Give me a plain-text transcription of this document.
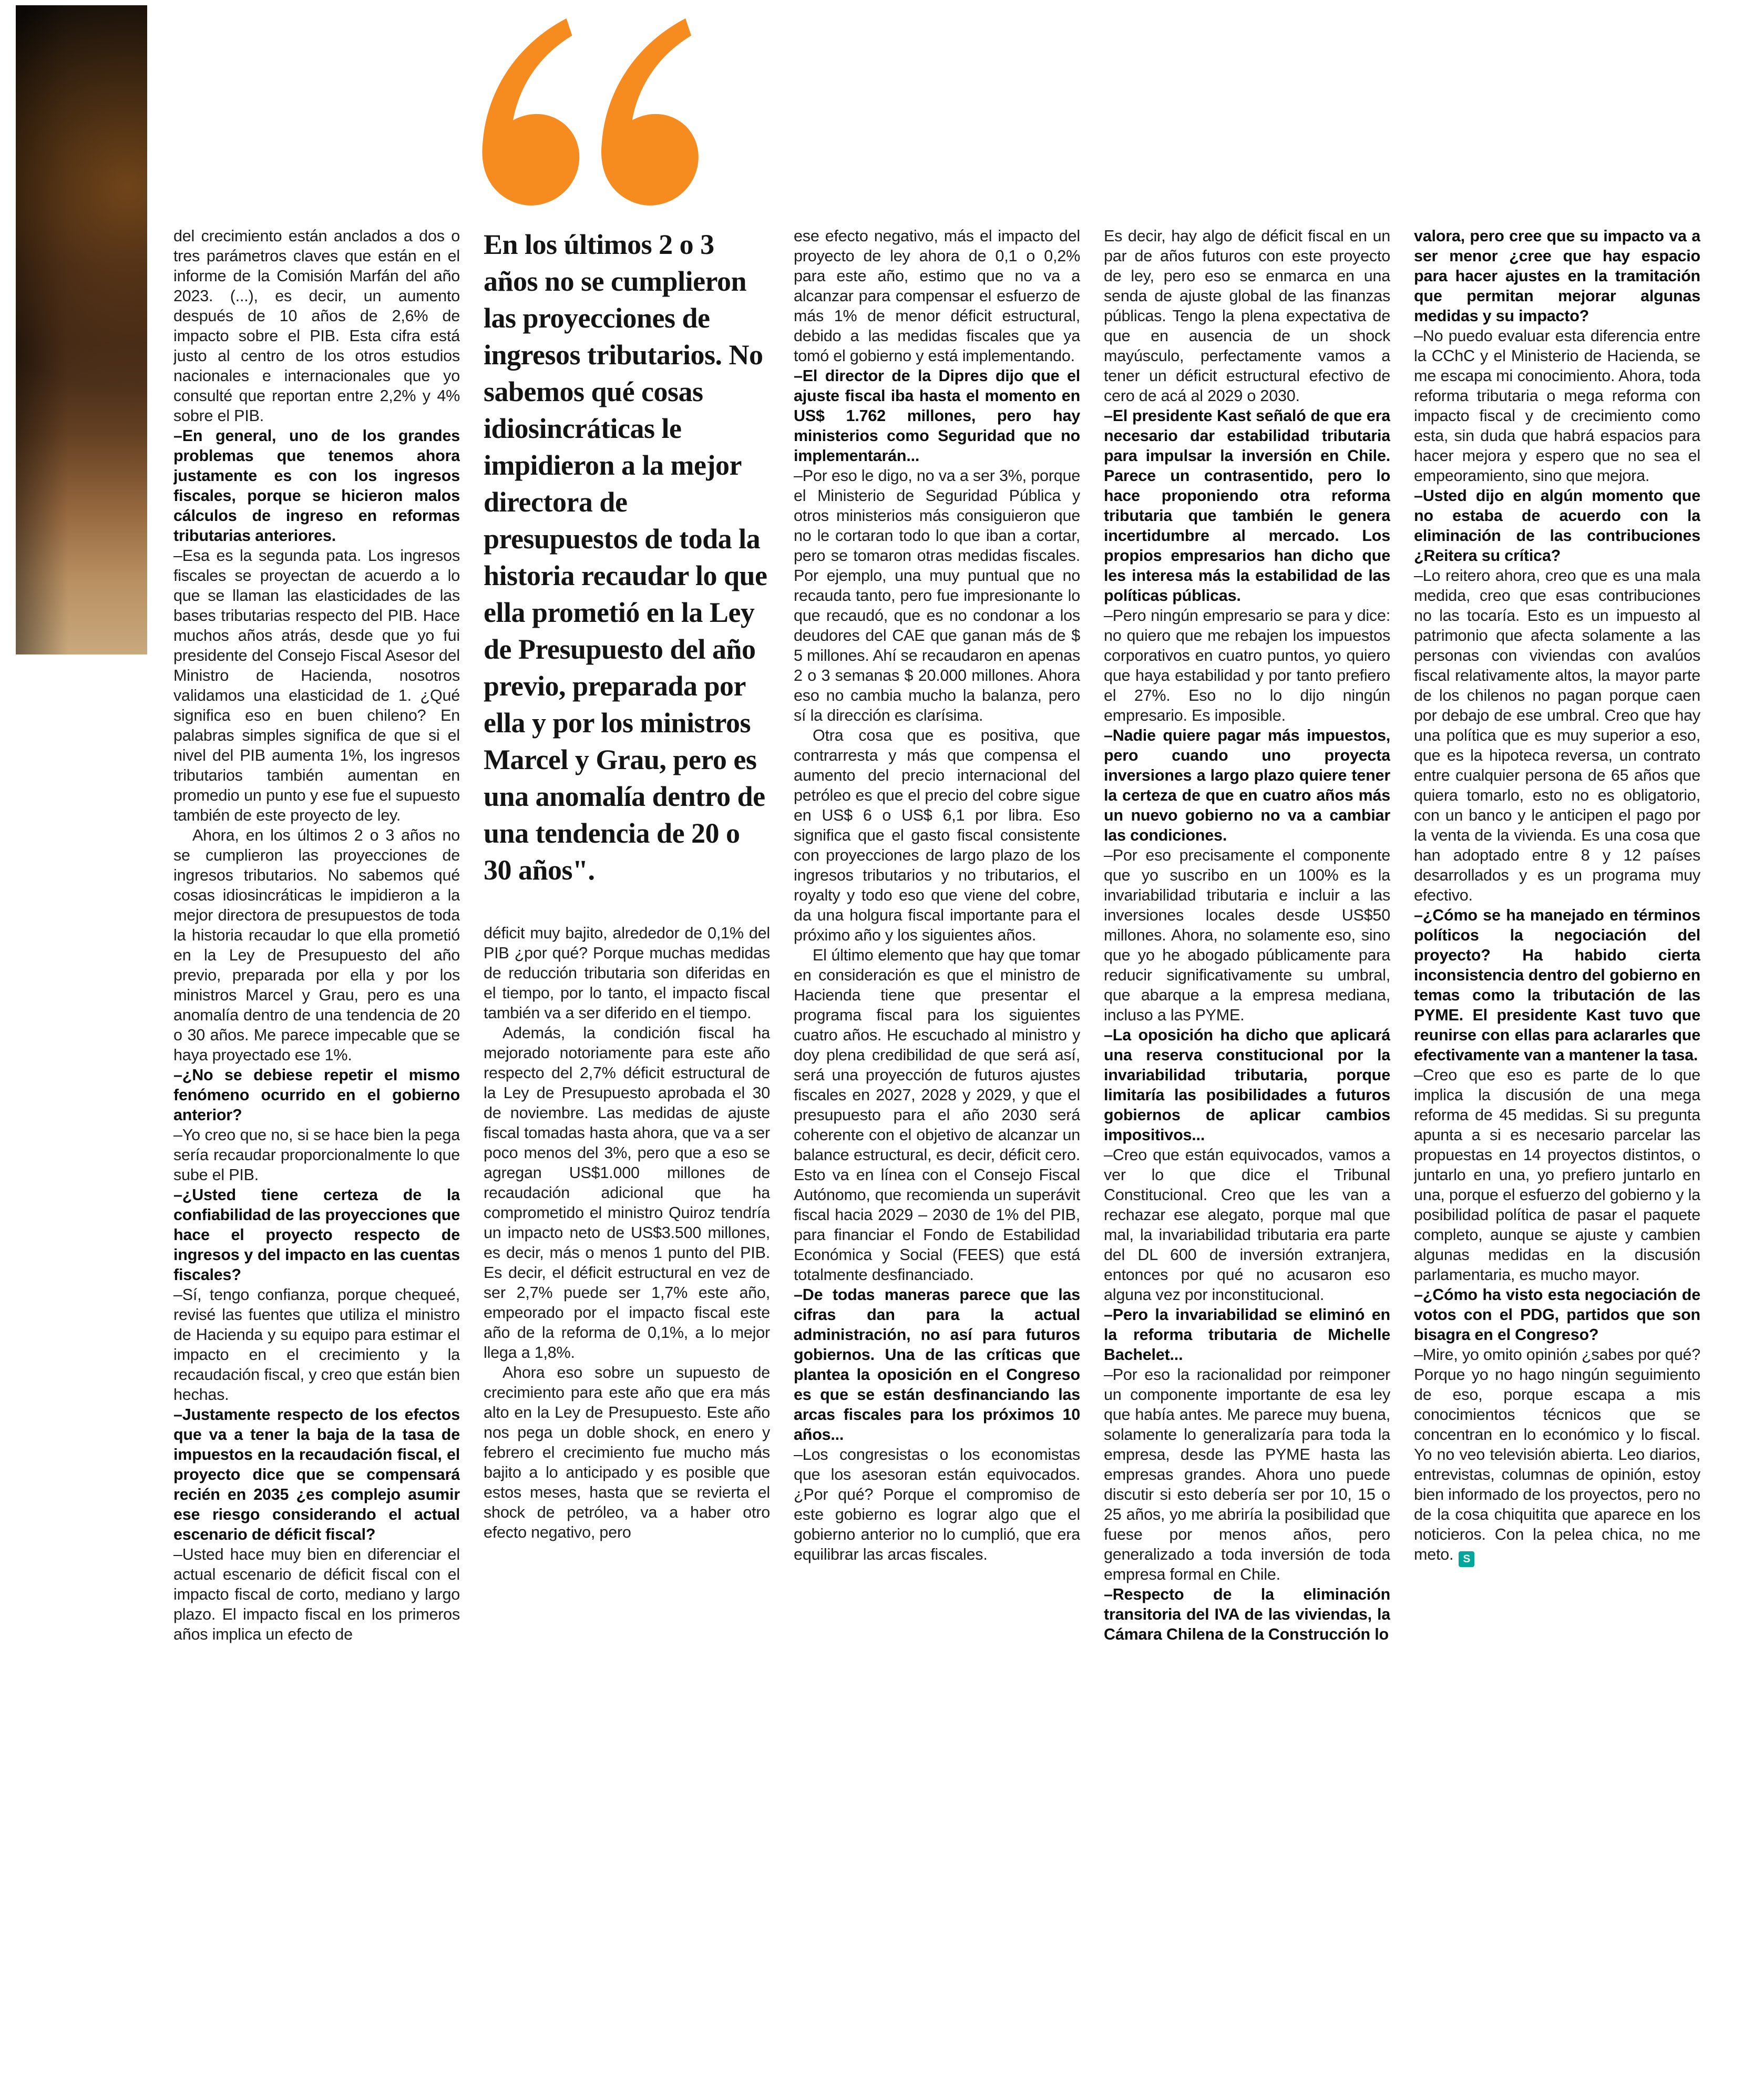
del crecimiento están anclados a dos o tres parámetros claves que están en el informe de la Comisión Marfán del año 2023. (...), es decir, un aumento después de 10 años de 2,6% de impacto sobre el PIB. Esta cifra está justo al centro de los otros estudios nacionales e internacionales que yo consulté que reportan entre 2,2% y 4% sobre el PIB.

–En general, uno de los grandes problemas que tenemos ahora justamente es con los ingresos fiscales, porque se hicieron malos cálculos de ingreso en reformas tributarias anteriores.

–Esa es la segunda pata. Los ingresos fiscales se proyectan de acuerdo a lo que se llaman las elasticidades de las bases tributarias respecto del PIB. Hace muchos años atrás, desde que yo fui presidente del Consejo Fiscal Asesor del Ministro de Hacienda, nosotros validamos una elasticidad de 1. ¿Qué significa eso en buen chileno? En palabras simples significa de que si el nivel del PIB aumenta 1%, los ingresos tributarios también aumentan en promedio un punto y ese fue el supuesto también de este proyecto de ley.

Ahora, en los últimos 2 o 3 años no se cumplieron las proyecciones de ingresos tributarios. No sabemos qué cosas idiosincráticas le impidieron a la mejor directora de presupuestos de toda la historia recaudar lo que ella prometió en la Ley de Presupuesto del año previo, preparada por ella y por los ministros Marcel y Grau, pero es una anomalía dentro de una tendencia de 20 o 30 años. Me parece impecable que se haya proyectado ese 1%.

–¿No se debiese repetir el mismo fenómeno ocurrido en el gobierno anterior?

–Yo creo que no, si se hace bien la pega sería recaudar proporcionalmente lo que sube el PIB.

–¿Usted tiene certeza de la confiabilidad de las proyecciones que hace el proyecto respecto de ingresos y del impacto en las cuentas fiscales?

–Sí, tengo confianza, porque chequeé, revisé las fuentes que utiliza el ministro de Hacienda y su equipo para estimar el impacto en el crecimiento y la recaudación fiscal, y creo que están bien hechas.

–Justamente respecto de los efectos que va a tener la baja de la tasa de impuestos en la recaudación fiscal, el proyecto dice que se compensará recién en 2035 ¿es complejo asumir ese riesgo considerando el actual escenario de déficit fiscal?

–Usted hace muy bien en diferenciar el actual escenario de déficit fiscal con el impacto fiscal de corto, mediano y largo plazo. El impacto fiscal en los primeros años implica un efecto de

En los últimos 2 o 3 años no se cumplieron las proyecciones de ingresos tributarios. No sabemos qué cosas idiosincráticas le impidieron a la mejor directora de presupuestos de toda la historia recaudar lo que ella prometió en la Ley de Presupuesto del año previo, preparada por ella y por los ministros Marcel y Grau, pero es una anomalía dentro de una tendencia de 20 o 30 años".

déficit muy bajito, alrededor de 0,1% del PIB ¿por qué? Porque muchas medidas de reducción tributaria son diferidas en el tiempo, por lo tanto, el impacto fiscal también va a ser diferido en el tiempo.

Además, la condición fiscal ha mejorado notoriamente para este año respecto del 2,7% déficit estructural de la Ley de Presupuesto aprobada el 30 de noviembre. Las medidas de ajuste fiscal tomadas hasta ahora, que va a ser poco menos del 3%, pero que a eso se agregan US$1.000 millones de recaudación adicional que ha comprometido el ministro Quiroz tendría un impacto neto de US$3.500 millones, es decir, más o menos 1 punto del PIB. Es decir, el déficit estructural en vez de ser 2,7% puede ser 1,7% este año, empeorado por el impacto fiscal este año de la reforma de 0,1%, a lo mejor llega a 1,8%.

Ahora eso sobre un supuesto de crecimiento para este año que era más alto en la Ley de Presupuesto. Este año nos pega un doble shock, en enero y febrero el crecimiento fue mucho más bajito a lo anticipado y es posible que estos meses, hasta que se revierta el shock de petróleo, va a haber otro efecto negativo, pero

ese efecto negativo, más el impacto del proyecto de ley ahora de 0,1 o 0,2% para este año, estimo que no va a alcanzar para compensar el esfuerzo de más 1% de menor déficit estructural, debido a las medidas fiscales que ya tomó el gobierno y está implementando.

–El director de la Dipres dijo que el ajuste fiscal iba hasta el momento en US$ 1.762 millones, pero hay ministerios como Seguridad que no implementarán...

–Por eso le digo, no va a ser 3%, porque el Ministerio de Seguridad Pública y otros ministerios más consiguieron que no le cortaran todo lo que iban a cortar, pero se tomaron otras medidas fiscales. Por ejemplo, una muy puntual que no recauda tanto, pero fue impresionante lo que recaudó, que es no condonar a los deudores del CAE que ganan más de $ 5 millones. Ahí se recaudaron en apenas 2 o 3 semanas $ 20.000 millones. Ahora eso no cambia mucho la balanza, pero sí la dirección es clarísima.

Otra cosa que es positiva, que contrarresta y más que compensa el aumento del precio internacional del petróleo es que el precio del cobre sigue en US$ 6 o US$ 6,1 por libra. Eso significa que el gasto fiscal consistente con proyecciones de largo plazo de los ingresos tributarios y no tributarios, el royalty y todo eso que viene del cobre, da una holgura fiscal importante para el próximo año y los siguientes años.

El último elemento que hay que tomar en consideración es que el ministro de Hacienda tiene que presentar el programa fiscal para los siguientes cuatro años. He escuchado al ministro y doy plena credibilidad de que será así, será una proyección de futuros ajustes fiscales en 2027, 2028 y 2029, y que el presupuesto para el año 2030 será coherente con el objetivo de alcanzar un balance estructural, es decir, déficit cero. Esto va en línea con el Consejo Fiscal Autónomo, que recomienda un superávit fiscal hacia 2029 – 2030 de 1% del PIB, para financiar el Fondo de Estabilidad Económica y Social (FEES) que está totalmente desfinanciado.

–De todas maneras parece que las cifras dan para la actual administración, no así para futuros gobiernos. Una de las críticas que plantea la oposición en el Congreso es que se están desfinanciando las arcas fiscales para los próximos 10 años...

–Los congresistas o los economistas que los asesoran están equivocados. ¿Por qué? Porque el compromiso de este gobierno es lograr algo que el gobierno anterior no lo cumplió, que era equilibrar las arcas fiscales.

Es decir, hay algo de déficit fiscal en un par de años futuros con este proyecto de ley, pero eso se enmarca en una senda de ajuste global de las finanzas públicas. Tengo la plena expectativa de que en ausencia de un shock mayúsculo, perfectamente vamos a tener un déficit estructural efectivo de cero de acá al 2029 o 2030.

–El presidente Kast señaló de que era necesario dar estabilidad tributaria para impulsar la inversión en Chile. Parece un contrasentido, pero lo hace proponiendo otra reforma tributaria que también le genera incertidumbre al mercado. Los propios empresarios han dicho que les interesa más la estabilidad de las políticas públicas.

–Pero ningún empresario se para y dice: no quiero que me rebajen los impuestos corporativos en cuatro puntos, yo quiero que haya estabilidad y por tanto prefiero el 27%. Eso no lo dijo ningún empresario. Es imposible.

–Nadie quiere pagar más impuestos, pero cuando uno proyecta inversiones a largo plazo quiere tener la certeza de que en cuatro años más un nuevo gobierno no va a cambiar las condiciones.

–Por eso precisamente el componente que yo suscribo en un 100% es la invariabilidad tributaria e incluir a las inversiones locales desde US$50 millones. Ahora, no solamente eso, sino que yo he abogado públicamente para reducir significativamente su umbral, que abarque a la empresa mediana, incluso a las PYME.

–La oposición ha dicho que aplicará una reserva constitucional por la invariabilidad tributaria, porque limitaría las posibilidades a futuros gobiernos de aplicar cambios impositivos...

–Creo que están equivocados, vamos a ver lo que dice el Tribunal Constitucional. Creo que les van a rechazar ese alegato, porque mal que mal, la invariabilidad tributaria era parte del DL 600 de inversión extranjera, entonces por qué no acusaron eso alguna vez por inconstitucional.

–Pero la invariabilidad se eliminó en la reforma tributaria de Michelle Bachelet...

–Por eso la racionalidad por reimponer un componente importante de esa ley que había antes. Me parece muy buena, solamente lo generalizaría para toda la empresa, desde las PYME hasta las empresas grandes. Ahora uno puede discutir si esto debería ser por 10, 15 o 25 años, yo me abriría la posibilidad que fuese por menos años, pero generalizado a toda inversión de toda empresa formal en Chile.

–Respecto de la eliminación transitoria del IVA de las viviendas, la Cámara Chilena de la Construcción lo

valora, pero cree que su impacto va a ser menor ¿cree que hay espacio para hacer ajustes en la tramitación que permitan mejorar algunas medidas y su impacto?

–No puedo evaluar esta diferencia entre la CChC y el Ministerio de Hacienda, se me escapa mi conocimiento. Ahora, toda reforma tributaria o mega reforma con impacto fiscal y de crecimiento como esta, sin duda que habrá espacios para hacer mejora y espero que no sea el empeoramiento, sino que mejora.

–Usted dijo en algún momento que no estaba de acuerdo con la eliminación de las contribuciones ¿Reitera su crítica?

–Lo reitero ahora, creo que es una mala medida, creo que esas contribuciones no las tocaría. Esto es un impuesto al patrimonio que afecta solamente a las personas con viviendas con avalúos fiscal relativamente altos, la mayor parte de los chilenos no pagan porque caen por debajo de ese umbral. Creo que hay una política que es muy superior a eso, que es la hipoteca reversa, un contrato entre cualquier persona de 65 años que quiera tomarlo, esto no es obligatorio, con un banco y le anticipen el pago por la venta de la vivienda. Es una cosa que han adoptado entre 8 y 12 países desarrollados y es un programa muy efectivo.

–¿Cómo se ha manejado en términos políticos la negociación del proyecto? Ha habido cierta inconsistencia dentro del gobierno en temas como la tributación de las PYME. El presidente Kast tuvo que reunirse con ellas para aclararles que efectivamente van a mantener la tasa.

–Creo que eso es parte de lo que implica la discusión de una mega reforma de 45 medidas. Si su pregunta apunta a si es necesario parcelar las propuestas en 14 proyectos distintos, o juntarlo en una, yo prefiero juntarlo en una, porque el esfuerzo del gobierno y la posibilidad política de pasar el paquete completo, aunque se ajuste y cambien algunas medidas en la discusión parlamentaria, es mucho mayor.

–¿Cómo ha visto esta negociación de votos con el PDG, partidos que son bisagra en el Congreso?

–Mire, yo omito opinión ¿sabes por qué? Porque yo no hago ningún seguimiento de eso, porque escapa a mis conocimientos técnicos que se concentran en lo económico y lo fiscal. Yo no veo televisión abierta. Leo diarios, entrevistas, columnas de opinión, estoy bien informado de los proyectos, pero no de la cosa chiquitita que aparece en los noticieros. Con la pelea chica, no me meto. S
